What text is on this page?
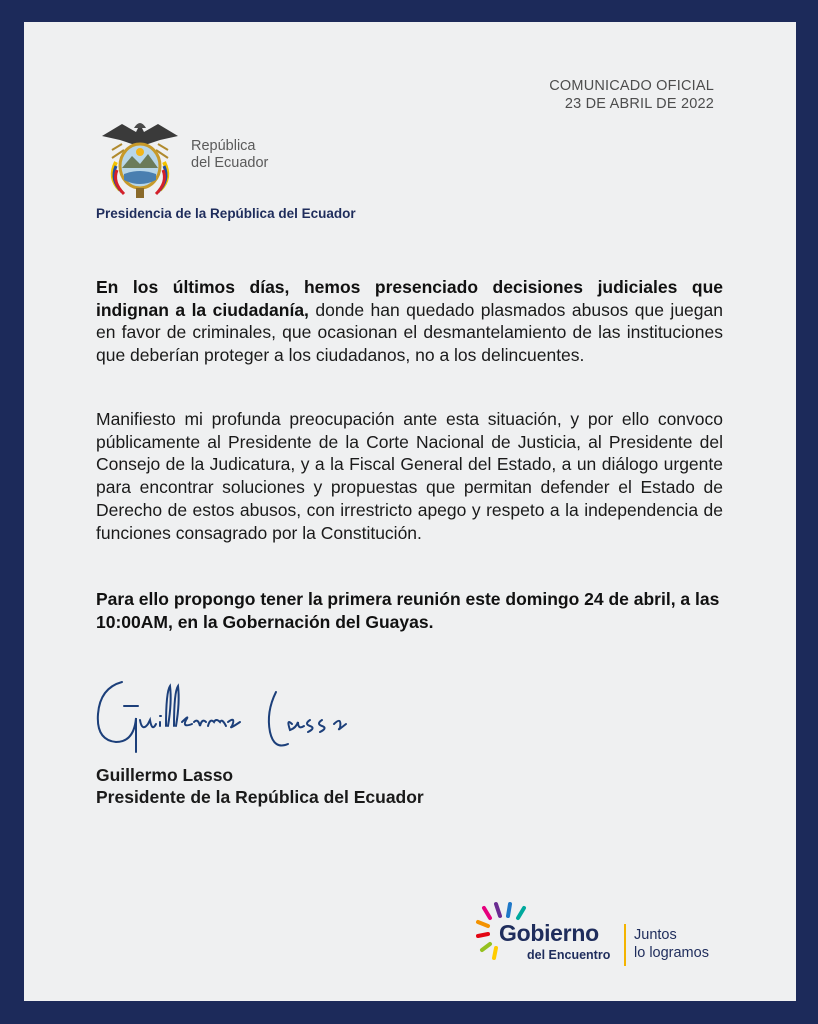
COMUNICADO OFICIAL
23 DE ABRIL DE 2022
República
del Ecuador
Presidencia de la República del Ecuador

En los últimos días, hemos presenciado decisiones judiciales que indignan a la ciudadanía, donde han quedado plasmados abusos que juegan en favor de criminales, que ocasionan el desmantelamiento de las instituciones que deberían proteger a los ciudadanos, no a los delincuentes.

Manifiesto mi profunda preocupación ante esta situación, y por ello convoco públicamente al Presidente de la Corte Nacional de Justicia, al Presidente del Consejo de la Judicatura, y a la Fiscal General del Estado, a un diálogo urgente para encontrar soluciones y propuestas que permitan defender el Estado de Derecho de estos abusos, con irrestricto apego y respeto a la independencia de funciones consagrado por la Constitución.

Para ello propongo tener la primera reunión este domingo 24 de abril, a las 10:00AM, en la Gobernación del Guayas.

Guillermo Lasso
Presidente de la República del Ecuador
Gobierno
del Encuentro
Juntos
lo logramos
